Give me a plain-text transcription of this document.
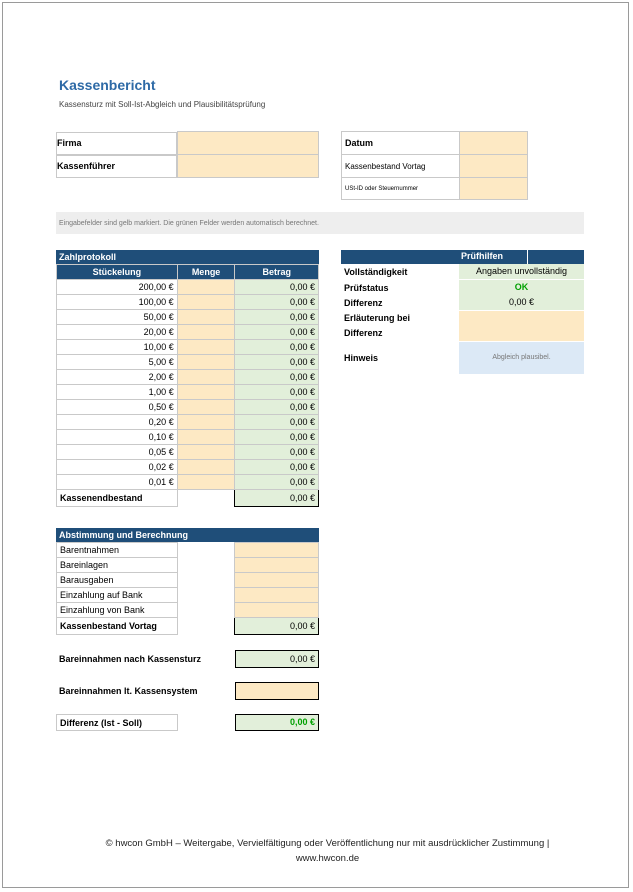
Kassenbericht
Kassensturz mit Soll-Ist-Abgleich und Plausibilitätsprüfung
Firma

Kassenführer
Datum	
Kassenbestand Vortag	
USt-ID oder Steuernummer	
Eingabefelder sind gelb markiert. Die grünen Felder werden automatisch berechnet.
Zahlprotokoll
Stückelung	Menge	Betrag
200,00 €		0,00 €
100,00 €		0,00 €
50,00 €		0,00 €
20,00 €		0,00 €
10,00 €		0,00 €
5,00 €		0,00 €
2,00 €		0,00 €
1,00 €		0,00 €
0,50 €		0,00 €
0,20 €		0,00 €
0,10 €		0,00 €
0,05 €		0,00 €
0,02 €		0,00 €
0,01 €		0,00 €
Kassenendbestand		0,00 €
Prüfhilfen
Vollständigkeit	Angaben unvollständig
Prüfstatus	OK
Differenz	0,00 €
Erläuterung bei
Differenz
Hinweis	Abgleich plausibel.
Abstimmung und Berechnung
Barentnahmen		
Bareinlagen		
Barausgaben		
Einzahlung auf Bank		
Einzahlung von Bank		
Kassenbestand Vortag		0,00 €
Bareinnahmen nach Kassensturz	0,00 €
Bareinnahmen lt. Kassensystem
Differenz (Ist - Soll)	0,00 €
© hwcon GmbH – Weitergabe, Vervielfältigung oder Veröffentlichung nur mit ausdrücklicher Zustimmung |
www.hwcon.de
